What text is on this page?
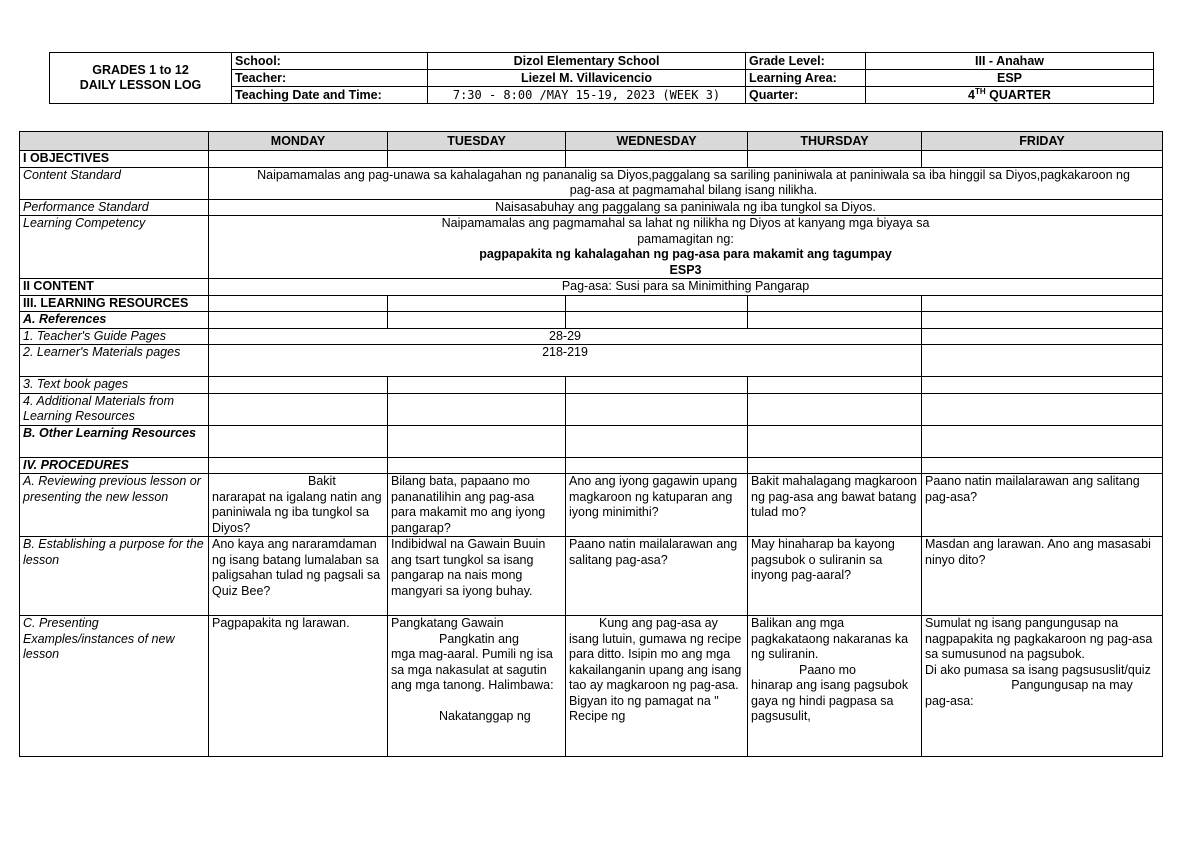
GRADES 1 to 12
DAILY LESSON LOG	School:	Dizol Elementary School	Grade Level:	III - Anahaw
	Teacher:	Liezel M. Villavicencio	Learning Area:	ESP
	Teaching Date and Time:	7:30 - 8:00 /MAY 15-19, 2023 (WEEK 3)	Quarter:	4TH QUARTER
	MONDAY	TUESDAY	WEDNESDAY	THURSDAY	FRIDAY
I OBJECTIVES					
Content Standard	Naipamamalas ang pag-unawa sa kahalagahan ng pananalig sa Diyos,paggalang sa sariling paniniwala at paniniwala sa iba hinggil sa Diyos,pagkakaroon ng pag-asa at pagmamahal bilang isang nilikha.				
Performance Standard	Naisasabuhay ang paggalang sa paniniwala ng iba tungkol sa Diyos.				
Learning Competency	Naipamamalas ang pagmamahal sa lahat ng nilikha ng Diyos at kanyang mga biyaya sa
pamamagitan ng:
pagpapakita ng kahalagahan ng pag-asa para makamit ang tagumpay
ESP3				

II CONTENT	Pag-asa: Susi para sa Minimithing Pangarap				
III. LEARNING RESOURCES					
A. References					
1. Teacher's Guide Pages	28-29				
2. Learner's Materials pages	218-219				
3. Text book pages					
4. Additional Materials from Learning Resources					
B. Other Learning Resources					
IV. PROCEDURES					
A. Reviewing previous lesson or presenting the new lesson	Bakit
nararapat na igalang natin ang paniniwala ng iba tungkol sa Diyos?	Bilang bata, papaano mo pananatilihin ang pag-asa para makamit mo ang iyong pangarap?	Ano ang iyong gagawin upang magkaroon ng katuparan ang iyong minimithi?	Bakit mahalagang magkaroon ng pag-asa ang bawat batang tulad mo?	Paano natin mailalarawan ang salitang pag-asa?
B. Establishing a purpose for the lesson	Ano kaya ang nararamdaman ng isang batang lumalaban sa paligsahan tulad ng pagsali sa Quiz Bee?	Indibidwal na Gawain Buuin ang tsart tungkol sa isang pangarap na nais mong mangyari sa iyong buhay.	Paano natin mailalarawan ang salitang pag-asa?	May hinaharap ba kayong pagsubok o suliranin sa inyong pag-aaral?	Masdan ang larawan. Ano ang masasabi ninyo dito?
C. Presenting Examples/instances of new lesson	Pagpapakita ng larawan.	Pangkatang Gawain
Pangkatin ang
mga mag-aaral. Pumili ng isa sa mga nakasulat at sagutin ang mga tanong. Halimbawa:
Nakatanggap ng	Kung ang pag-asa ay
isang lutuin, gumawa ng recipe para ditto. Isipin mo ang mga kakailanganin upang ang isang tao ay magkaroon ng pag-asa. Bigyan ito ng pamagat na " Recipe ng	Balikan ang mga pagkakataong nakaranas ka ng suliranin.
Paano mo
hinarap ang isang pagsubok gaya ng hindi pagpasa sa pagsusulit,	Sumulat ng isang pangungusap na nagpapakita ng pagkakaroon ng pag-asa sa sumusunod na pagsubok.
Di ako pumasa sa isang pagsususlit/quiz
Pangungusap na may
pag-asa:
